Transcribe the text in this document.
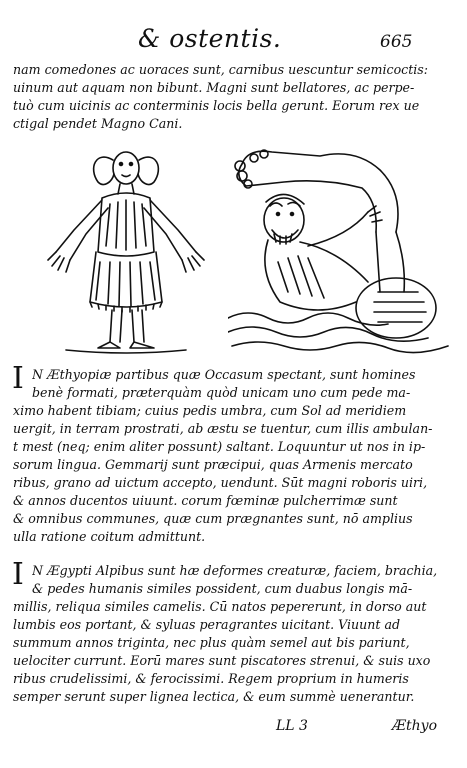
& ostentis.	665
nam comedones ac uoraces sunt, carnibus uescuntur semicoctis:
uinum aut aquam non bibunt. Magni sunt bellatores, ac perpe-
tuò cum uicinis ac conterminis locis bella gerunt. Eorum rex ue
ctigal pendet Magno Cani.
I N Æthyopiæ partibus quæ Occasum spectant, sunt homines
benè formati, præterquàm quòd unicam uno cum pede ma-
ximo habent tibiam; cuius pedis umbra, cum Sol ad meridiem
uergit, in terram prostrati, ab æstu se tuentur, cum illis ambulan-
t mest (neq; enim aliter possunt) saltant. Loquuntur ut nos in ip-
sorum lingua. Gemmarij sunt præcipui, quas Armenis mercato
ribus, grano ad uictum accepto, uendunt. Sūt magni roboris uiri,
& annos ducentos uiuunt. corum fœminæ pulcherrimæ sunt
& omnibus communes, quæ cum prægnantes sunt, nō amplius
ulla ratione coitum admittunt.
I N Ægypti Alpibus sunt hæ deformes creaturæ, faciem, brachia,
& pedes humanis similes possident, cum duabus longis mā-
millis, reliqua similes camelis. Cū natos pepererunt, in dorso aut
lumbis eos portant, & syluas peragrantes uicitant. Viuunt ad
summum annos triginta, nec plus quàm semel aut bis pariunt,
uelociter currunt. Eorū mares sunt piscatores strenui, & suis uxo
ribus crudelissimi, & ferocissimi. Regem proprium in humeris
semper serunt super lignea lectica, & eum summè uenerantur.
LL 3	Æthyo
